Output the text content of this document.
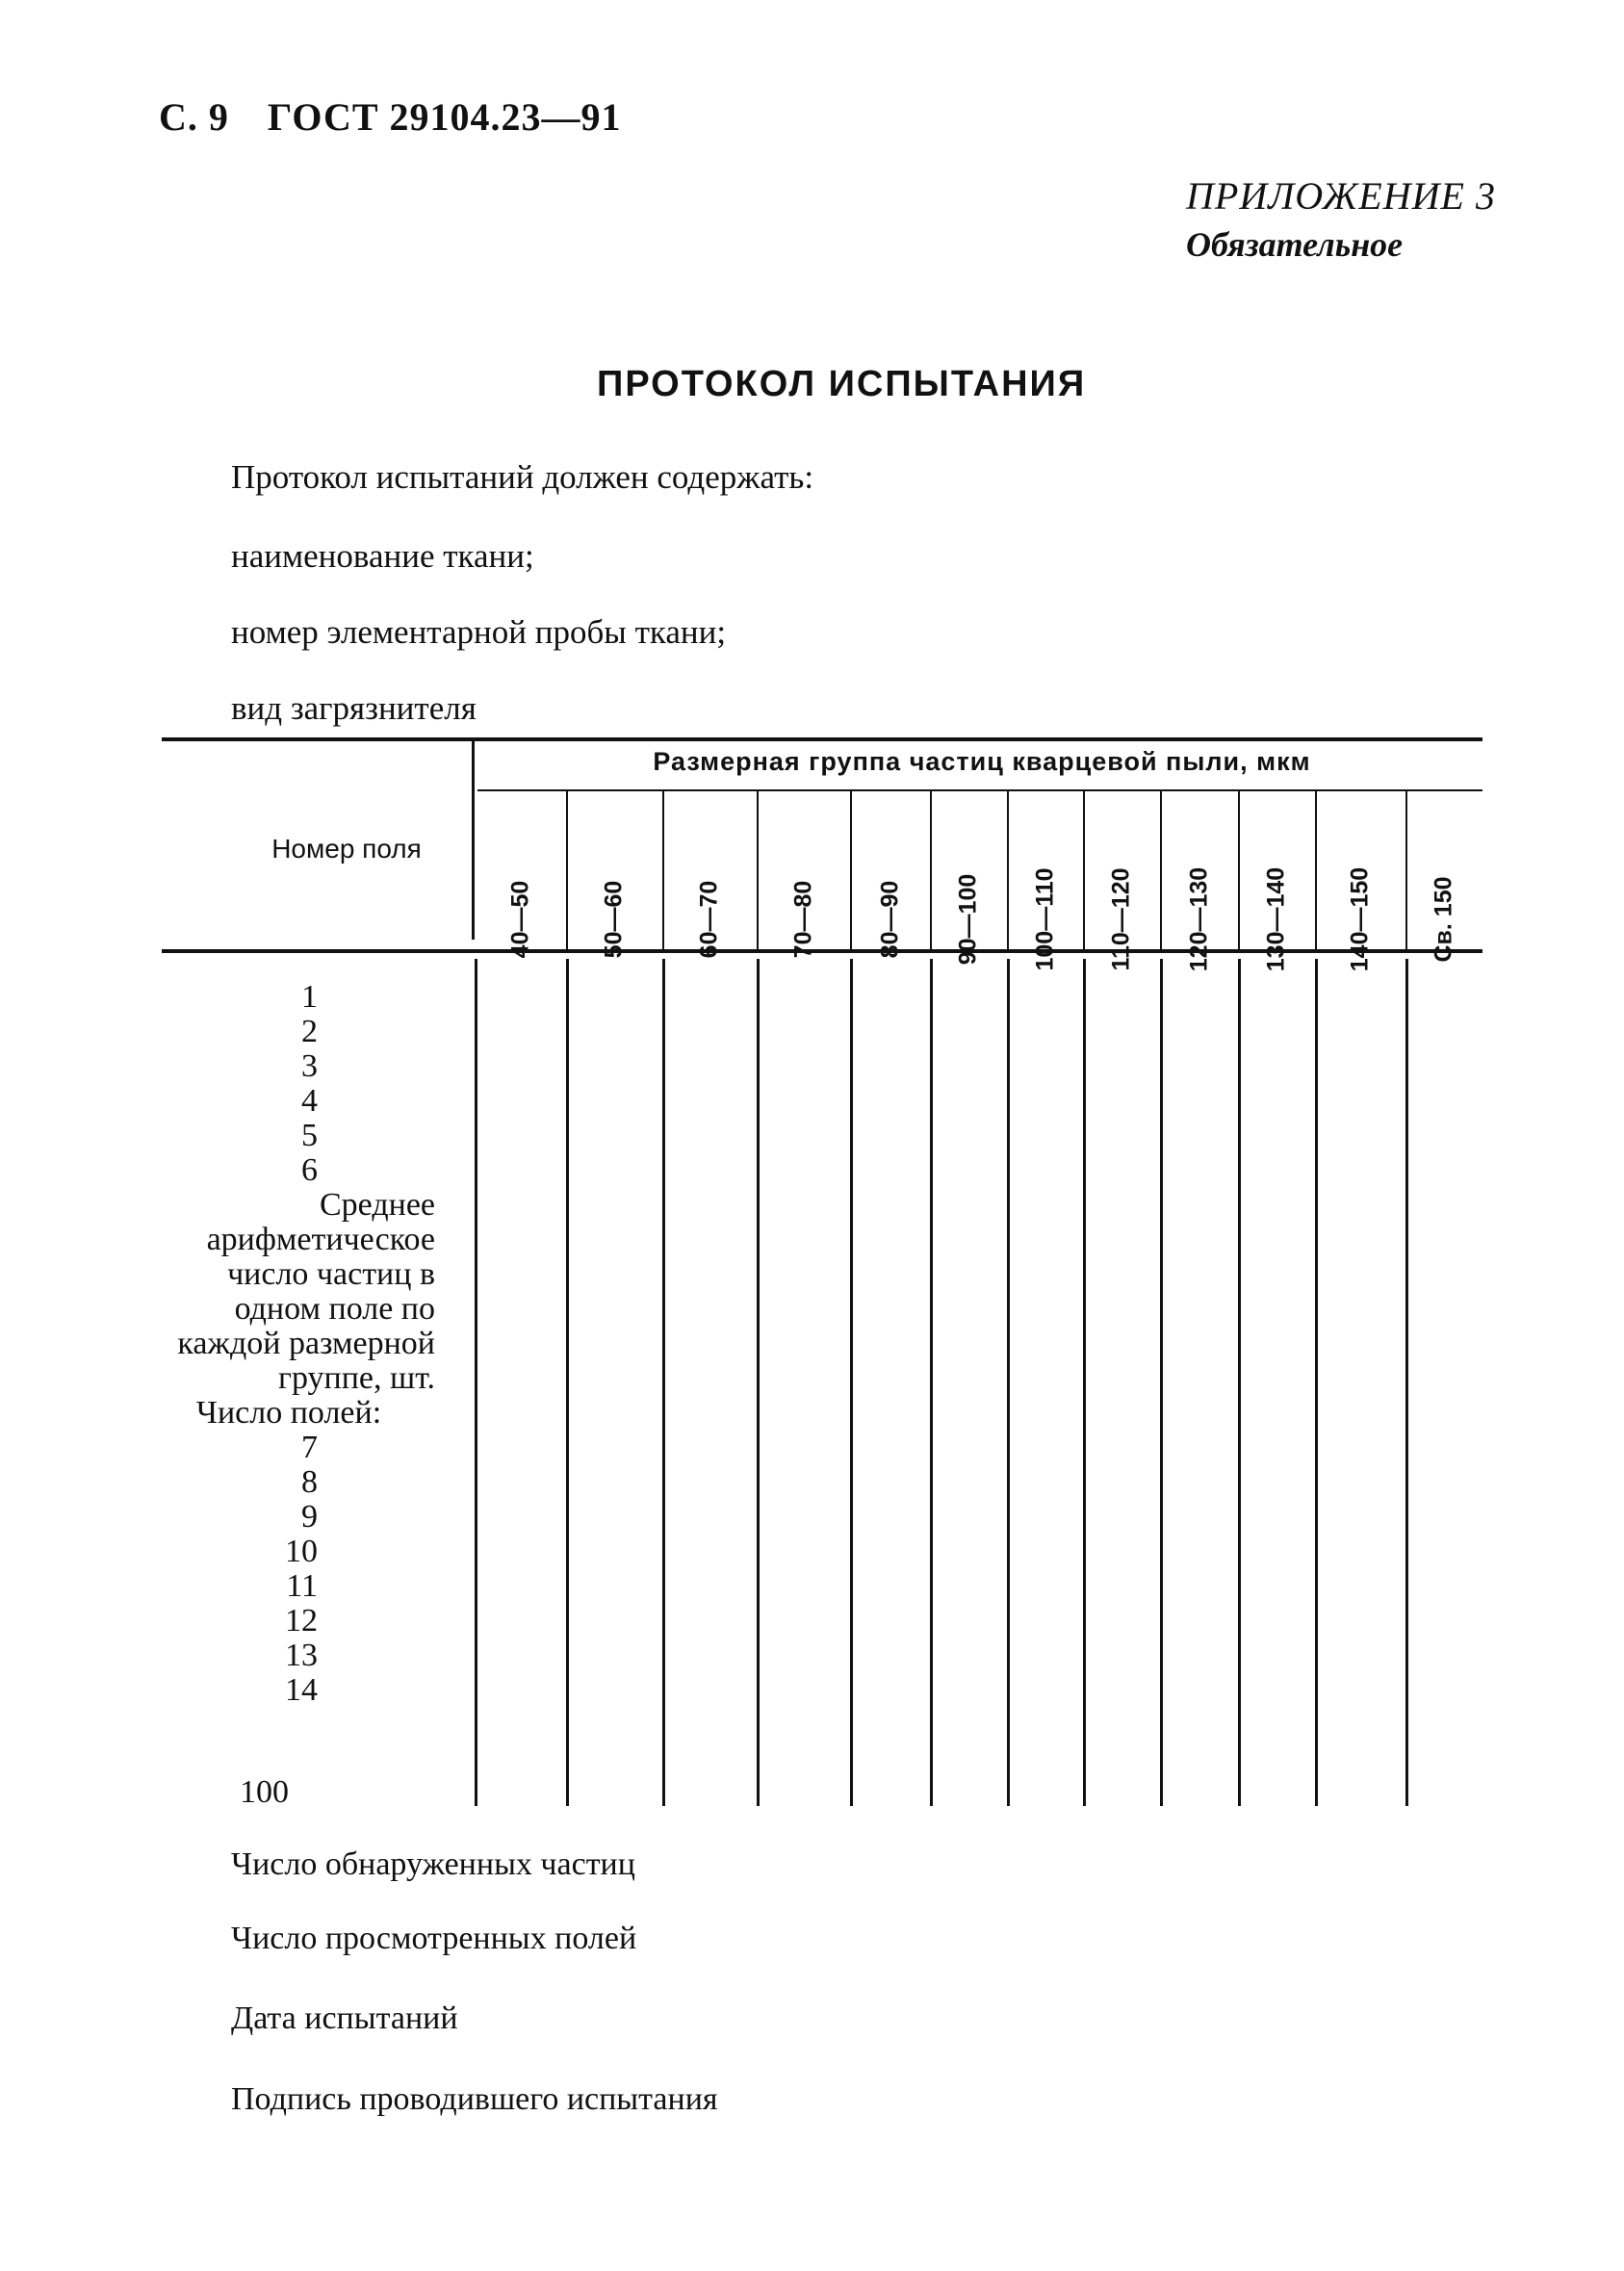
С. 9 ГОСТ 29104.23—91
ПРИЛОЖЕНИЕ 3
Обязательное
ПРОТОКОЛ ИСПЫТАНИЯ
Протокол испытаний должен содержать:
наименование ткани;
номер элементарной пробы ткани;
вид загрязнителя
Размерная группа частиц кварцевой пыли, мкм
Номер поля
40—50	50—60	60—70	70—80 80—90 90—100 100—110 110—120 120—130 130—140 140—150 Св. 150
1
2
3
4
5
6
Среднее арифметическое число частиц в одном поле по каждой размерной группе, шт.
Число полей:
7
8
9
10
11
12
13
14
100
Число обнаруженных частиц
Число просмотренных полей
Дата испытаний
Подпись проводившего испытания
